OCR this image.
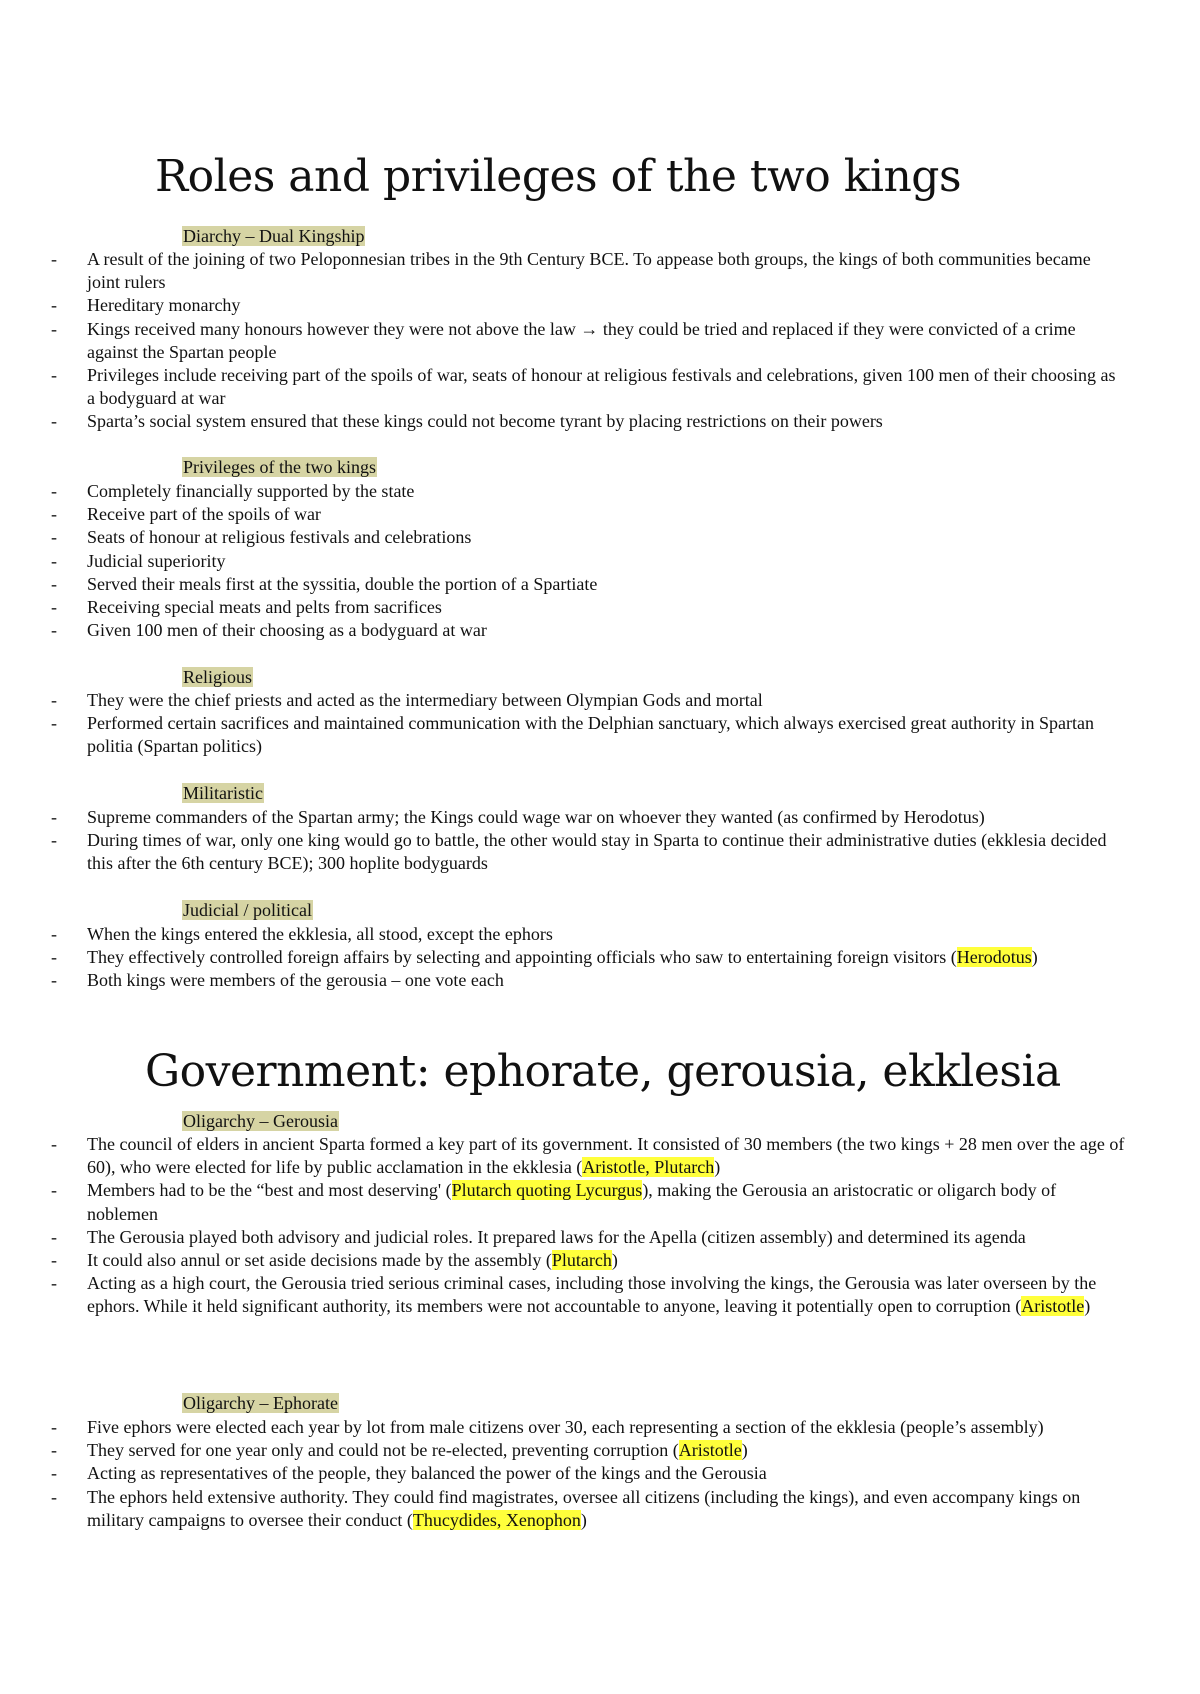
Roles and privileges of the two kings
Diarchy – Dual Kingship
- A result of the joining of two Peloponnesian tribes in the 9th Century BCE. To appease both groups, the kings of both communities became joint rulers
- Hereditary monarchy
- Kings received many honours however they were not above the law → they could be tried and replaced if they were convicted of a crime against the Spartan people
- Privileges include receiving part of the spoils of war, seats of honour at religious festivals and celebrations, given 100 men of their choosing as a bodyguard at war
- Sparta’s social system ensured that these kings could not become tyrant by placing restrictions on their powers
Privileges of the two kings
- Completely financially supported by the state
- Receive part of the spoils of war
- Seats of honour at religious festivals and celebrations
- Judicial superiority
- Served their meals first at the syssitia, double the portion of a Spartiate
- Receiving special meats and pelts from sacrifices
- Given 100 men of their choosing as a bodyguard at war
Religious
- They were the chief priests and acted as the intermediary between Olympian Gods and mortal
- Performed certain sacrifices and maintained communication with the Delphian sanctuary, which always exercised great authority in Spartan politia (Spartan politics)
Militaristic
- Supreme commanders of the Spartan army; the Kings could wage war on whoever they wanted (as confirmed by Herodotus)
- During times of war, only one king would go to battle, the other would stay in Sparta to continue their administrative duties (ekklesia decided this after the 6th century BCE); 300 hoplite bodyguards
Judicial / political
- When the kings entered the ekklesia, all stood, except the ephors
- They effectively controlled foreign affairs by selecting and appointing officials who saw to entertaining foreign visitors (Herodotus)
- Both kings were members of the gerousia – one vote each
Government: ephorate, gerousia, ekklesia
Oligarchy – Gerousia
- The council of elders in ancient Sparta formed a key part of its government. It consisted of 30 members (the two kings + 28 men over the age of 60), who were elected for life by public acclamation in the ekklesia (Aristotle, Plutarch)
- Members had to be the “best and most deserving' (Plutarch quoting Lycurgus), making the Gerousia an aristocratic or oligarch body of noblemen
- The Gerousia played both advisory and judicial roles. It prepared laws for the Apella (citizen assembly) and determined its agenda
- It could also annul or set aside decisions made by the assembly (Plutarch)
- Acting as a high court, the Gerousia tried serious criminal cases, including those involving the kings, the Gerousia was later overseen by the ephors. While it held significant authority, its members were not accountable to anyone, leaving it potentially open to corruption (Aristotle)
Oligarchy – Ephorate
- Five ephors were elected each year by lot from male citizens over 30, each representing a section of the ekklesia (people’s assembly)
- They served for one year only and could not be re-elected, preventing corruption (Aristotle)
- Acting as representatives of the people, they balanced the power of the kings and the Gerousia
- The ephors held extensive authority. They could find magistrates, oversee all citizens (including the kings), and even accompany kings on military campaigns to oversee their conduct (Thucydides, Xenophon)
